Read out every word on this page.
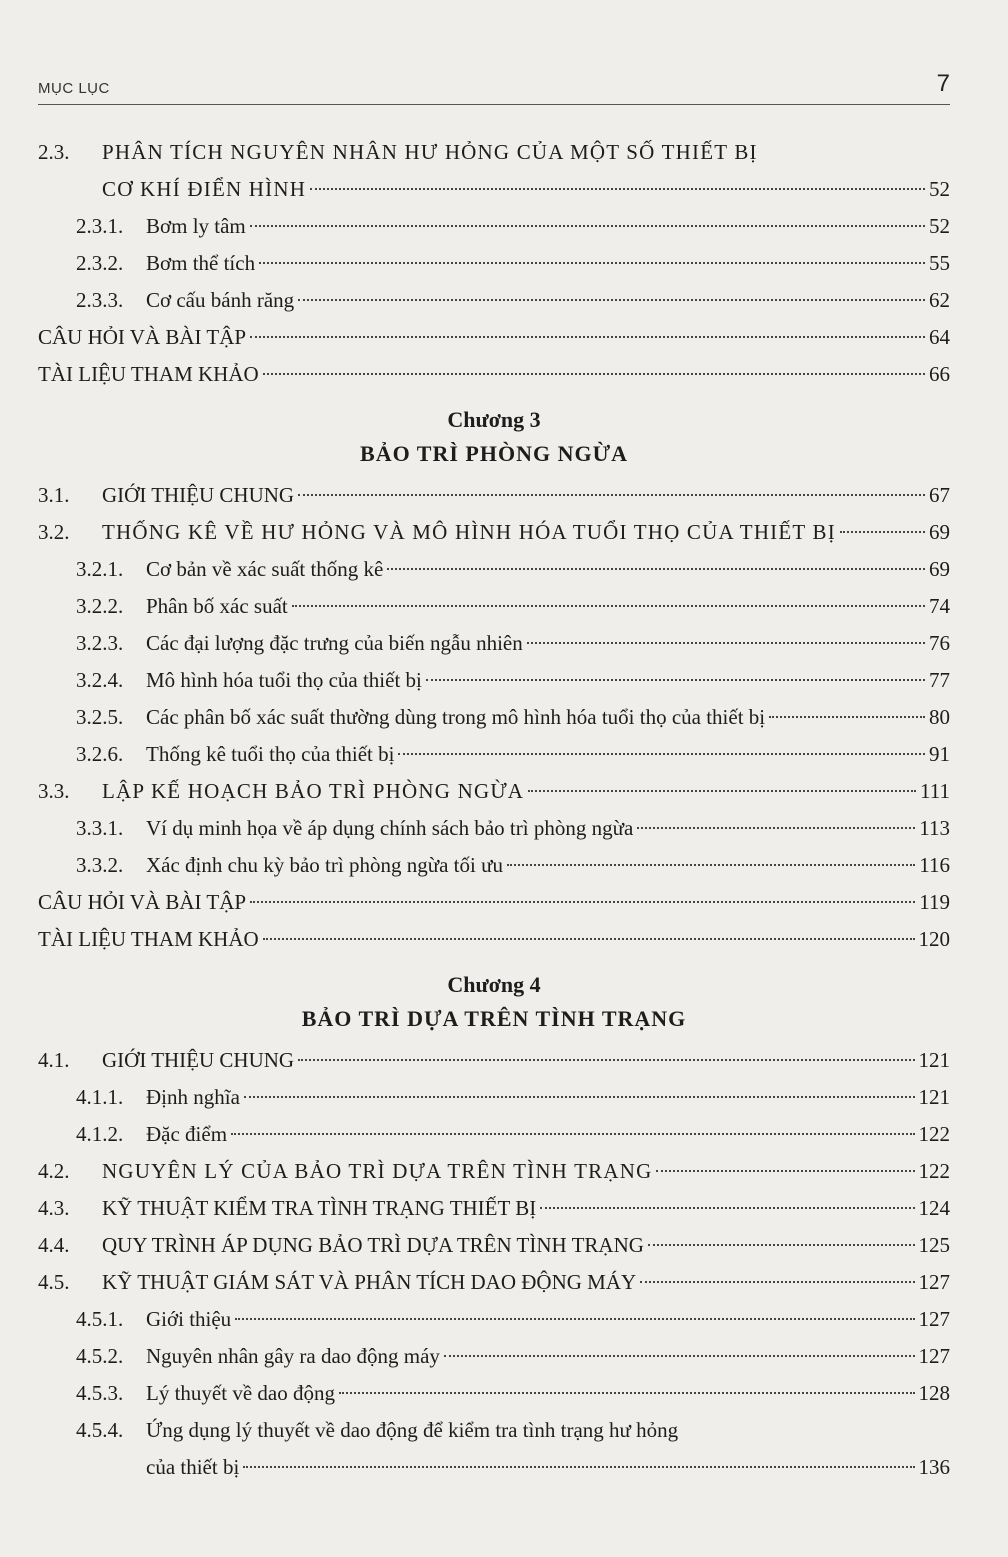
MỤC LỤC	7
2.3.	PHÂN TÍCH NGUYÊN NHÂN HƯ HỎNG CỦA MỘT SỐ THIẾT BỊ
CƠ KHÍ ĐIỂN HÌNH	52
2.3.1.	Bơm ly tâm	52
2.3.2.	Bơm thể tích	55
2.3.3.	Cơ cấu bánh răng	62
CÂU HỎI VÀ BÀI TẬP	64
TÀI LIỆU THAM KHẢO	66
Chương 3
BẢO TRÌ PHÒNG NGỪA
3.1.	GIỚI THIỆU CHUNG	67
3.2.	THỐNG KÊ VỀ HƯ HỎNG VÀ MÔ HÌNH HÓA TUỔI THỌ CỦA THIẾT BỊ	69
3.2.1.	Cơ bản về xác suất thống kê	69
3.2.2.	Phân bố xác suất	74
3.2.3.	Các đại lượng đặc trưng của biến ngẫu nhiên	76
3.2.4.	Mô hình hóa tuổi thọ của thiết bị	77
3.2.5.	Các phân bố xác suất thường dùng trong mô hình hóa tuổi thọ của thiết bị	80
3.2.6.	Thống kê tuổi thọ của thiết bị	91
3.3.	LẬP KẾ HOẠCH BẢO TRÌ PHÒNG NGỪA	111
3.3.1.	Ví dụ minh họa về áp dụng chính sách bảo trì phòng ngừa	113
3.3.2.	Xác định chu kỳ bảo trì phòng ngừa tối ưu	116
CÂU HỎI VÀ BÀI TẬP	119
TÀI LIỆU THAM KHẢO	120
Chương 4
BẢO TRÌ DỰA TRÊN TÌNH TRẠNG
4.1.	GIỚI THIỆU CHUNG	121
4.1.1.	Định nghĩa	121
4.1.2.	Đặc điểm	122
4.2.	NGUYÊN LÝ CỦA BẢO TRÌ DỰA TRÊN TÌNH TRẠNG	122
4.3.	KỸ THUẬT KIỂM TRA TÌNH TRẠNG THIẾT BỊ	124
4.4.	QUY TRÌNH ÁP DỤNG BẢO TRÌ DỰA TRÊN TÌNH TRẠNG	125
4.5.	KỸ THUẬT GIÁM SÁT VÀ PHÂN TÍCH DAO ĐỘNG MÁY	127
4.5.1.	Giới thiệu	127
4.5.2.	Nguyên nhân gây ra dao động máy	127
4.5.3.	Lý thuyết về dao động	128
4.5.4.	Ứng dụng lý thuyết về dao động để kiểm tra tình trạng hư hỏng
của thiết bị	136
